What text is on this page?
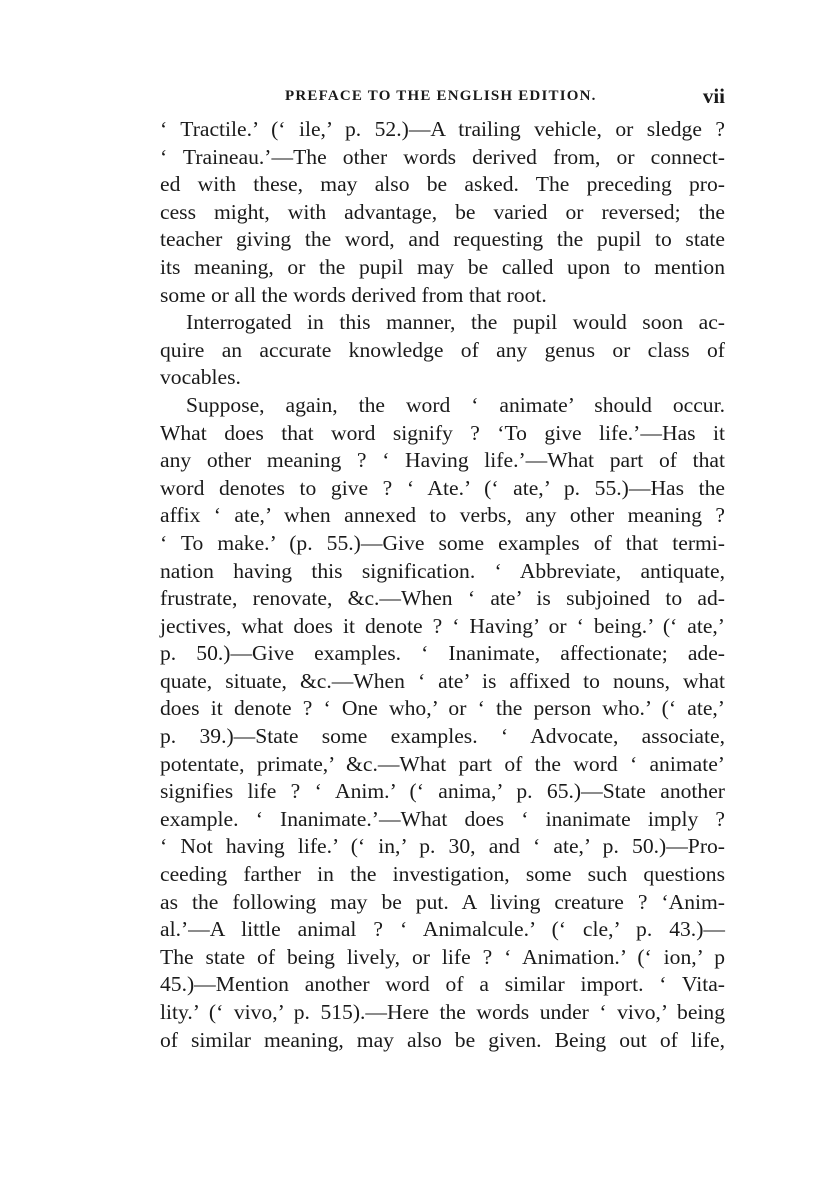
PREFACE TO THE ENGLISH EDITION.	vii
‘ Tractile.’ (‘ ile,’ p. 52.)—A trailing vehicle, or sledge ?
‘ Traineau.’—The other words derived from, or connect-
ed with these, may also be asked. The preceding pro-
cess might, with advantage, be varied or reversed; the
teacher giving the word, and requesting the pupil to state
its meaning, or the pupil may be called upon to mention
some or all the words derived from that root.
Interrogated in this manner, the pupil would soon ac-
quire an accurate knowledge of any genus or class of
vocables.
Suppose, again, the word ‘ animate’ should occur.
What does that word signify ? ‘To give life.’—Has it
any other meaning ? ‘ Having life.’—What part of that
word denotes to give ? ‘ Ate.’ (‘ ate,’ p. 55.)—Has the
affix ‘ ate,’ when annexed to verbs, any other meaning ?
‘ To make.’ (p. 55.)—Give some examples of that termi-
nation having this signification. ‘ Abbreviate, antiquate,
frustrate, renovate, &c.—When ‘ ate’ is subjoined to ad-
jectives, what does it denote ? ‘ Having’ or ‘ being.’ (‘ ate,’
p. 50.)—Give examples. ‘ Inanimate, affectionate; ade-
quate, situate, &c.—When ‘ ate’ is affixed to nouns, what
does it denote ? ‘ One who,’ or ‘ the person who.’ (‘ ate,’
p. 39.)—State some examples. ‘ Advocate, associate,
potentate, primate,’ &c.—What part of the word ‘ animate’
signifies life ? ‘ Anim.’ (‘ anima,’ p. 65.)—State another
example. ‘ Inanimate.’—What does ‘ inanimate imply ?
‘ Not having life.’ (‘ in,’ p. 30, and ‘ ate,’ p. 50.)—Pro-
ceeding farther in the investigation, some such questions
as the following may be put. A living creature ? ‘Anim-
al.’—A little animal ? ‘ Animalcule.’ (‘ cle,’ p. 43.)—
The state of being lively, or life ? ‘ Animation.’ (‘ ion,’ p
45.)—Mention another word of a similar import. ‘ Vita-
lity.’ (‘ vivo,’ p. 515).—Here the words under ‘ vivo,’ being
of similar meaning, may also be given. Being out of life,
